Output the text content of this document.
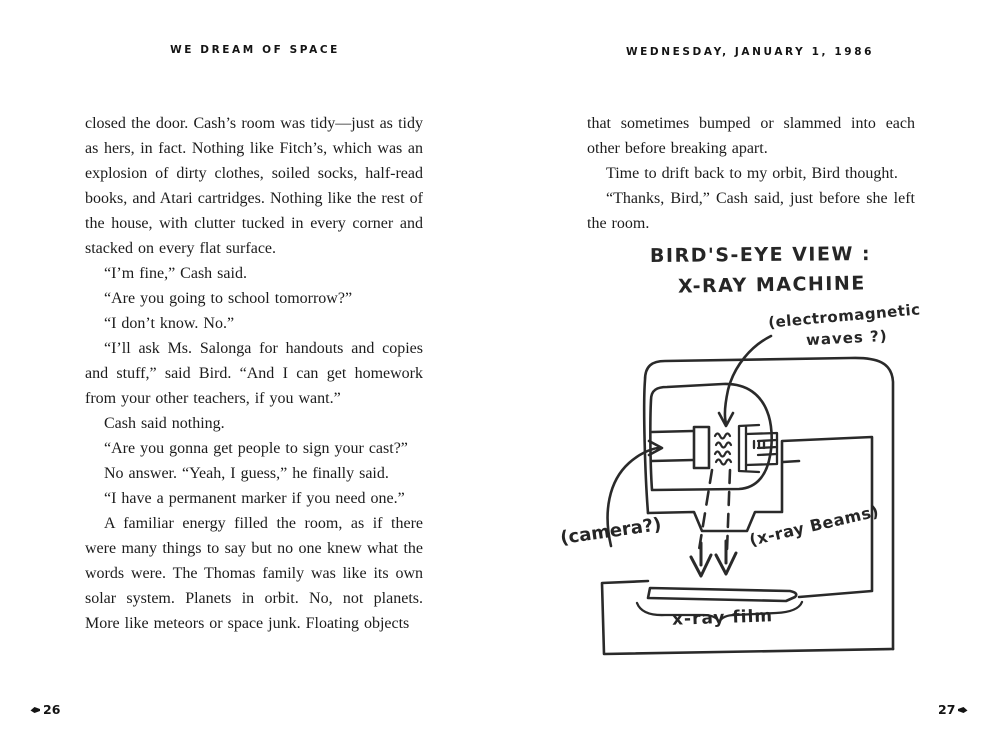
WE DREAM OF SPACE	WEDNESDAY, JANUARY 1, 1986

closed the door. Cash’s room was tidy—just as tidy as hers, in fact. Nothing like Fitch’s, which was an explosion of dirty clothes, soiled socks, half-read books, and Atari cartridges. Nothing like the rest of the house, with clutter tucked in every corner and stacked on every flat surface.

“I’m fine,” Cash said.

“Are you going to school tomorrow?”

“I don’t know. No.”

“I’ll ask Ms. Salonga for handouts and copies and stuff,” said Bird. “And I can get homework from your other teachers, if you want.”

Cash said nothing.

“Are you gonna get people to sign your cast?”

No answer. “Yeah, I guess,” he finally said.

“I have a permanent marker if you need one.”

A familiar energy filled the room, as if there were many things to say but no one knew what the words were. The Thomas family was like its own solar system. Planets in orbit. No, not planets. More like meteors or space junk. Floating objects

that sometimes bumped or slammed into each other before breaking apart.

Time to drift back to my orbit, Bird thought.

“Thanks, Bird,” Cash said, just before she left the room.

BIRD'S-EYE VIEW :
X-RAY MACHINE
(electromagnetic
waves ?)
(camera?)	(x-ray Beams)
x-ray film
26	27
